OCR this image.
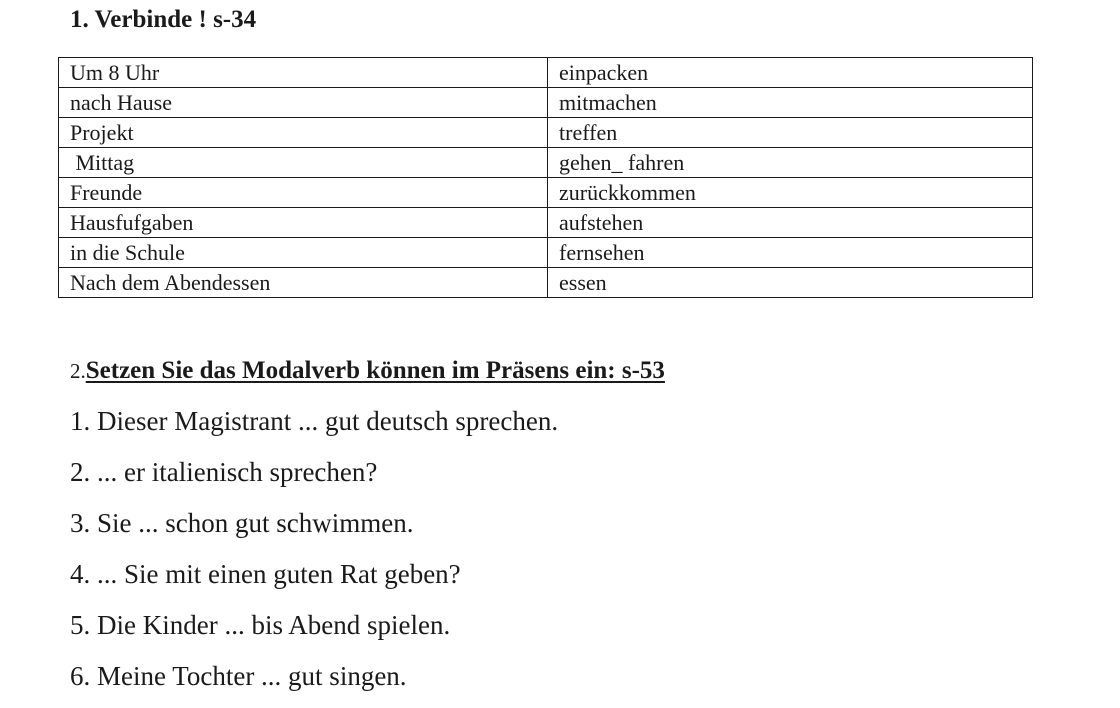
1. Verbinde ! s-34
Um 8 Uhr	einpacken
nach Hause	mitmachen
Projekt	treffen
Mittag	gehen_ fahren
Freunde	zurückkommen
Hausfufgaben	aufstehen
in die Schule	fernsehen
Nach dem Abendessen	essen
2.Setzen Sie das Modalverb können im Präsens ein: s-53
1. Dieser Magistrant ... gut deutsch sprechen.
2. ... er italienisch sprechen?
3. Sie ... schon gut schwimmen.
4. ... Sie mit einen guten Rat geben?
5. Die Kinder ... bis Abend spielen.
6. Meine Tochter ... gut singen.
